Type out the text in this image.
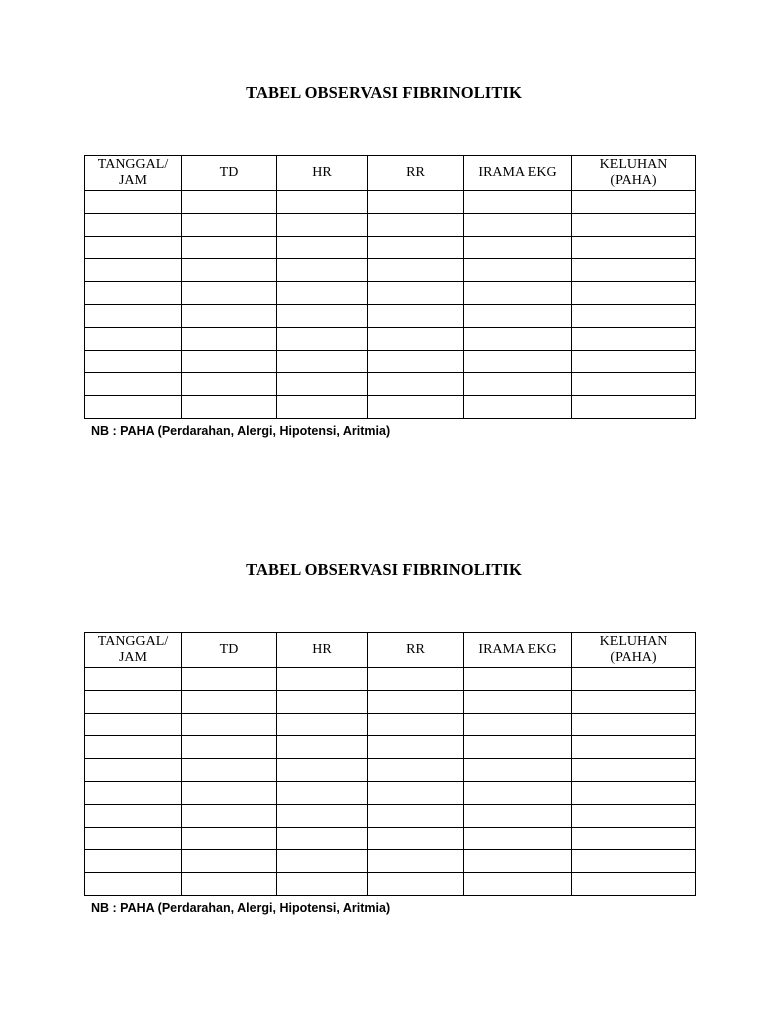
TABEL OBSERVASI FIBRINOLITIK
TANGGAL/
JAM	TD	HR	RR	IRAMA EKG	KELUHAN
(PAHA)

NB : PAHA (Perdarahan, Alergi, Hipotensi, Aritmia)
TABEL OBSERVASI FIBRINOLITIK
TANGGAL/
JAM	TD	HR	RR	IRAMA EKG	KELUHAN
(PAHA)

NB : PAHA (Perdarahan, Alergi, Hipotensi, Aritmia)
